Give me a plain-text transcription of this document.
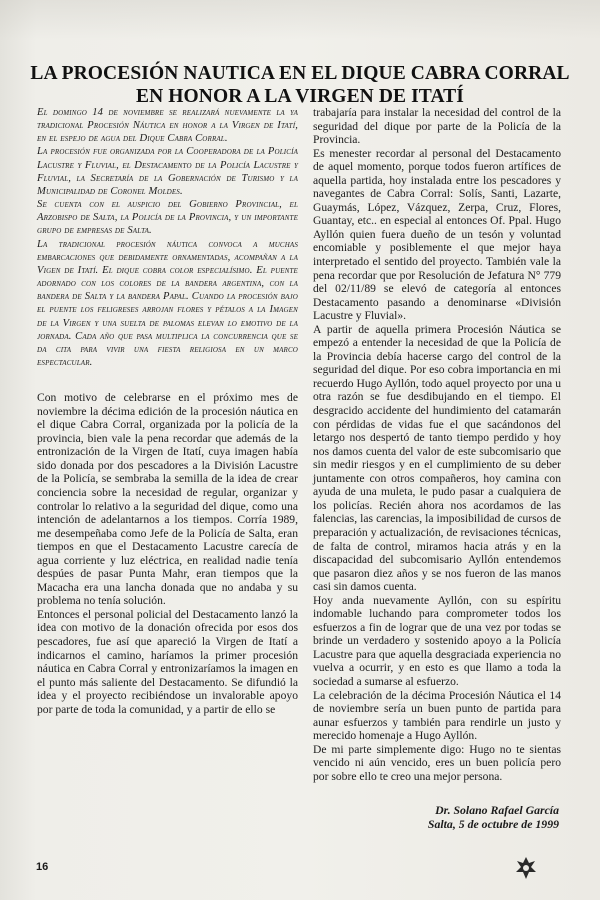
LA PROCESIÓN NAUTICA EN EL DIQUE CABRA CORRAL
EN HONOR A LA VIRGEN DE ITATÍ

El domingo 14 de noviembre se realizará nuevamente la ya tradicional Procesión Náutica en honor a la Virgen de Itatí, en el espejo de agua del Dique Cabra Corral.

La procesión fue organizada por la Cooperadora de la Policía Lacustre y Fluvial, el Destacamento de la Policía Lacustre y Fluvial, la Secretaría de la Gobernación de Turismo y la Municipalidad de Coronel Moldes.

Se cuenta con el auspicio del Gobierno Provincial, el Arzobispo de Salta, la Policía de la Provincia, y un importante grupo de empresas de Salta.

La tradicional procesión náutica convoca a muchas embarcaciones que debidamente ornamentadas, acompañan a la Vigen de Itatí. El dique cobra color especialísimo. El puente adornado con los colores de la bandera argentina, con la bandera de Salta y la bandera Papal. Cuando la procesión bajo el puente los feligreses arrojan flores y pétalos a la Imagen de la Virgen y una suelta de palomas elevan lo emotivo de la jornada. Cada año que pasa multiplica la concurrencia que se da cita para vivir una fiesta religiosa en un marco espectacular.

Con motivo de celebrarse en el próximo mes de noviembre la décima edición de la procesión náutica en el dique Cabra Corral, organizada por la policía de la provincia, bien vale la pena recordar que además de la entronización de la Virgen de Itatí, cuya imagen había sido donada por dos pescadores a la División Lacustre de la Policía, se sembraba la semilla de la idea de crear conciencia sobre la necesidad de regular, organizar y controlar lo relativo a la seguridad del dique, como una intención de adelantarnos a los tiempos. Corría 1989, me desempeñaba como Jefe de la Policía de Salta, eran tiempos en que el Destacamento Lacustre carecía de agua corriente y luz eléctrica, en realidad nadie tenía despúes de pasar Punta Mahr, eran tiempos que la Macacha era una lancha donada que no andaba y su problema no tenía solución.

Entonces el personal policial del Destacamento lanzó la idea con motivo de la donación ofrecida por esos dos pescadores, fue así que apareció la Virgen de Itatí a indicarnos el camino, haríamos la primer procesión náutica en Cabra Corral y entronizaríamos la imagen en el punto más saliente del Destacamento. Se difundió la idea y el proyecto recibiéndose un invalorable apoyo por parte de toda la comunidad, y a partir de ello se

trabajaría para instalar la necesidad del control de la seguridad del dique por parte de la Policía de la Provincia.

Es menester recordar al personal del Destacamento de aquel momento, porque todos fueron artífices de aquella partida, hoy instalada entre los pescadores y navegantes de Cabra Corral: Solís, Santi, Lazarte, Guaymás, López, Vázquez, Zerpa, Cruz, Flores, Guantay, etc.. en especial al entonces Of. Ppal. Hugo Ayllón quien fuera dueño de un tesón y voluntad encomiable y posiblemente el que mejor haya interpretado el sentido del proyecto. También vale la pena recordar que por Resolución de Jefatura N° 779 del 02/11/89 se elevó de categoría al entonces Destacamento pasando a denominarse «División Lacustre y Fluvial».

A partir de aquella primera Procesión Náutica se empezó a entender la necesidad de que la Policía de la Provincia debía hacerse cargo del control de la seguridad del dique. Por eso cobra importancia en mi recuerdo Hugo Ayllón, todo aquel proyecto por una u otra razón se fue desdibujando en el tiempo. El desgracido accidente del hundimiento del catamarán con pérdidas de vidas fue el que sacándonos del letargo nos despertó de tanto tiempo perdido y hoy nos damos cuenta del valor de este subcomisario que sin medir riesgos y en el cumplimiento de su deber juntamente con otros compañeros, hoy camina con ayuda de una muleta, le pudo pasar a cualquiera de los policías. Recién ahora nos acordamos de las falencias, las carencias, la imposibilidad de cursos de preparación y actualización, de revisaciones técnicas, de falta de control, miramos hacia atrás y en la discapacidad del subcomisario Ayllón entendemos que pasaron diez años y se nos fueron de las manos casi sin damos cuenta.

Hoy anda nuevamente Ayllón, con su espíritu indomable luchando para comprometer todos los esfuerzos a fin de lograr que de una vez por todas se brinde un verdadero y sostenido apoyo a la Policía Lacustre para que aquella desgraciada experiencia no vuelva a ocurrir, y en esto es que llamo a toda la sociedad a sumarse al esfuerzo.

La celebración de la décima Procesión Náutica el 14 de noviembre sería un buen punto de partida para aunar esfuerzos y también para rendirle un justo y merecido homenaje a Hugo Ayllón.

De mi parte simplemente digo: Hugo no te sientas vencido ni aún vencido, eres un buen policía pero por sobre ello te creo una mejor persona.

Dr. Solano Rafael García
Salta, 5 de octubre de 1999
16
